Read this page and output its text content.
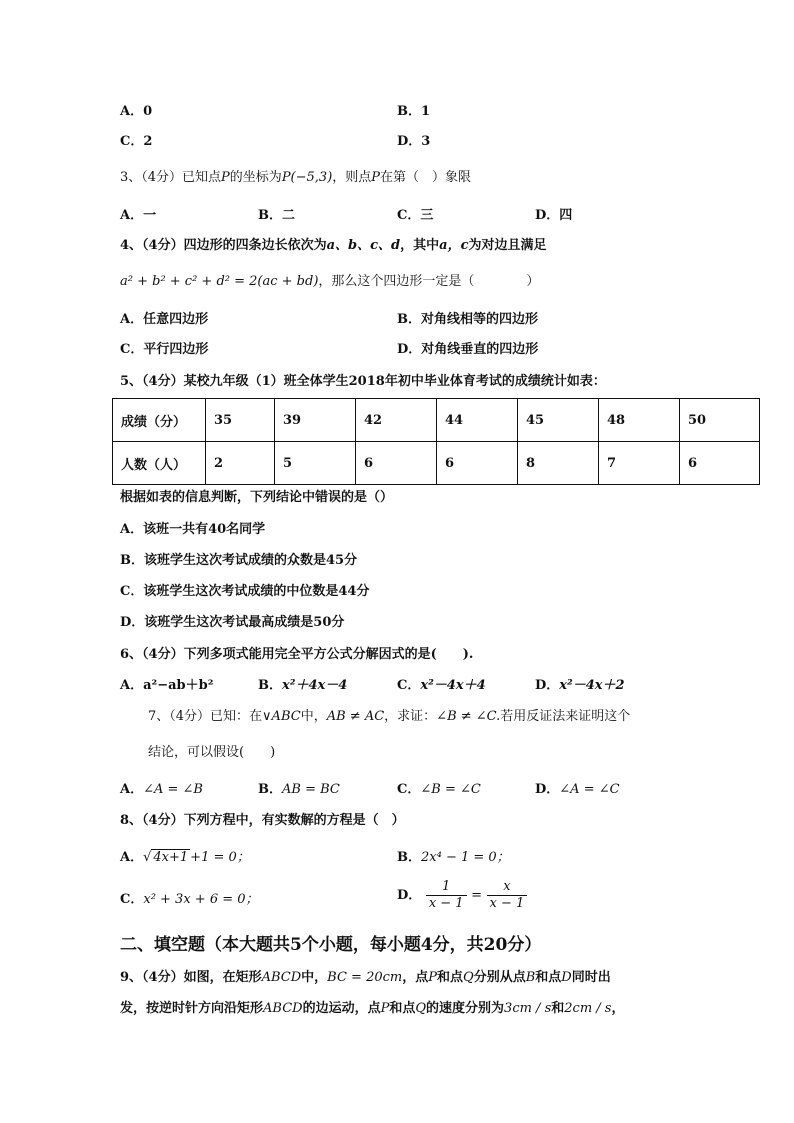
A．0	B．1
C．2	D．3
3、（4分）已知点P的坐标为P(−5,3)，则点P在第（　）象限
A．一	B．二	C．三	D．四
4、（4分）四边形的四条边长依次为a、b、c、d，其中a，c为对边且满足
a² + b² + c² + d² = 2(ac + bd)，那么这个四边形一定是（　　　　）
A．任意四边形	B．对角线相等的四边形
C．平行四边形	D．对角线垂直的四边形
5、（4分）某校九年级（1）班全体学生2018年初中毕业体育考试的成绩统计如表：
成绩（分）	35	39	42	44	45	48	50
人数（人）	2	5	6	6	8	7	6
根据如表的信息判断，下列结论中错误的是（）
A．该班一共有40名同学
B．该班学生这次考试成绩的众数是45分
C．该班学生这次考试成绩的中位数是44分
D．该班学生这次考试最高成绩是50分
6、（4分）下列多项式能用完全平方公式分解因式的是(　　).
A．a²−ab＋b²	B．x²＋4x－4	C．x²－4x＋4	D．x²－4x＋2
7、（4分）已知：在∨ABC中，AB ≠ AC，求证：∠B ≠ ∠C.若用反证法来证明这个
结论，可以假设(　　)
A．∠A = ∠B	B．AB = BC	C．∠B = ∠C	D．∠A = ∠C
8、（4分）下列方程中，有实数解的方程是（　）
A．√ 4x+1 +1 = 0；	B．2x⁴ − 1 = 0；
C．x² + 3x + 6 = 0；	D． $\frac{1}{x - 1} = \frac{x}{x - 1}$
二、填空题（本大题共5个小题，每小题4分，共20分）
9、（4分）如图，在矩形ABCD中，BC = 20cm，点P和点Q分别从点B和点D同时出
发，按逆时针方向沿矩形ABCD的边运动，点P和点Q的速度分别为3cm / s和2cm / s，
